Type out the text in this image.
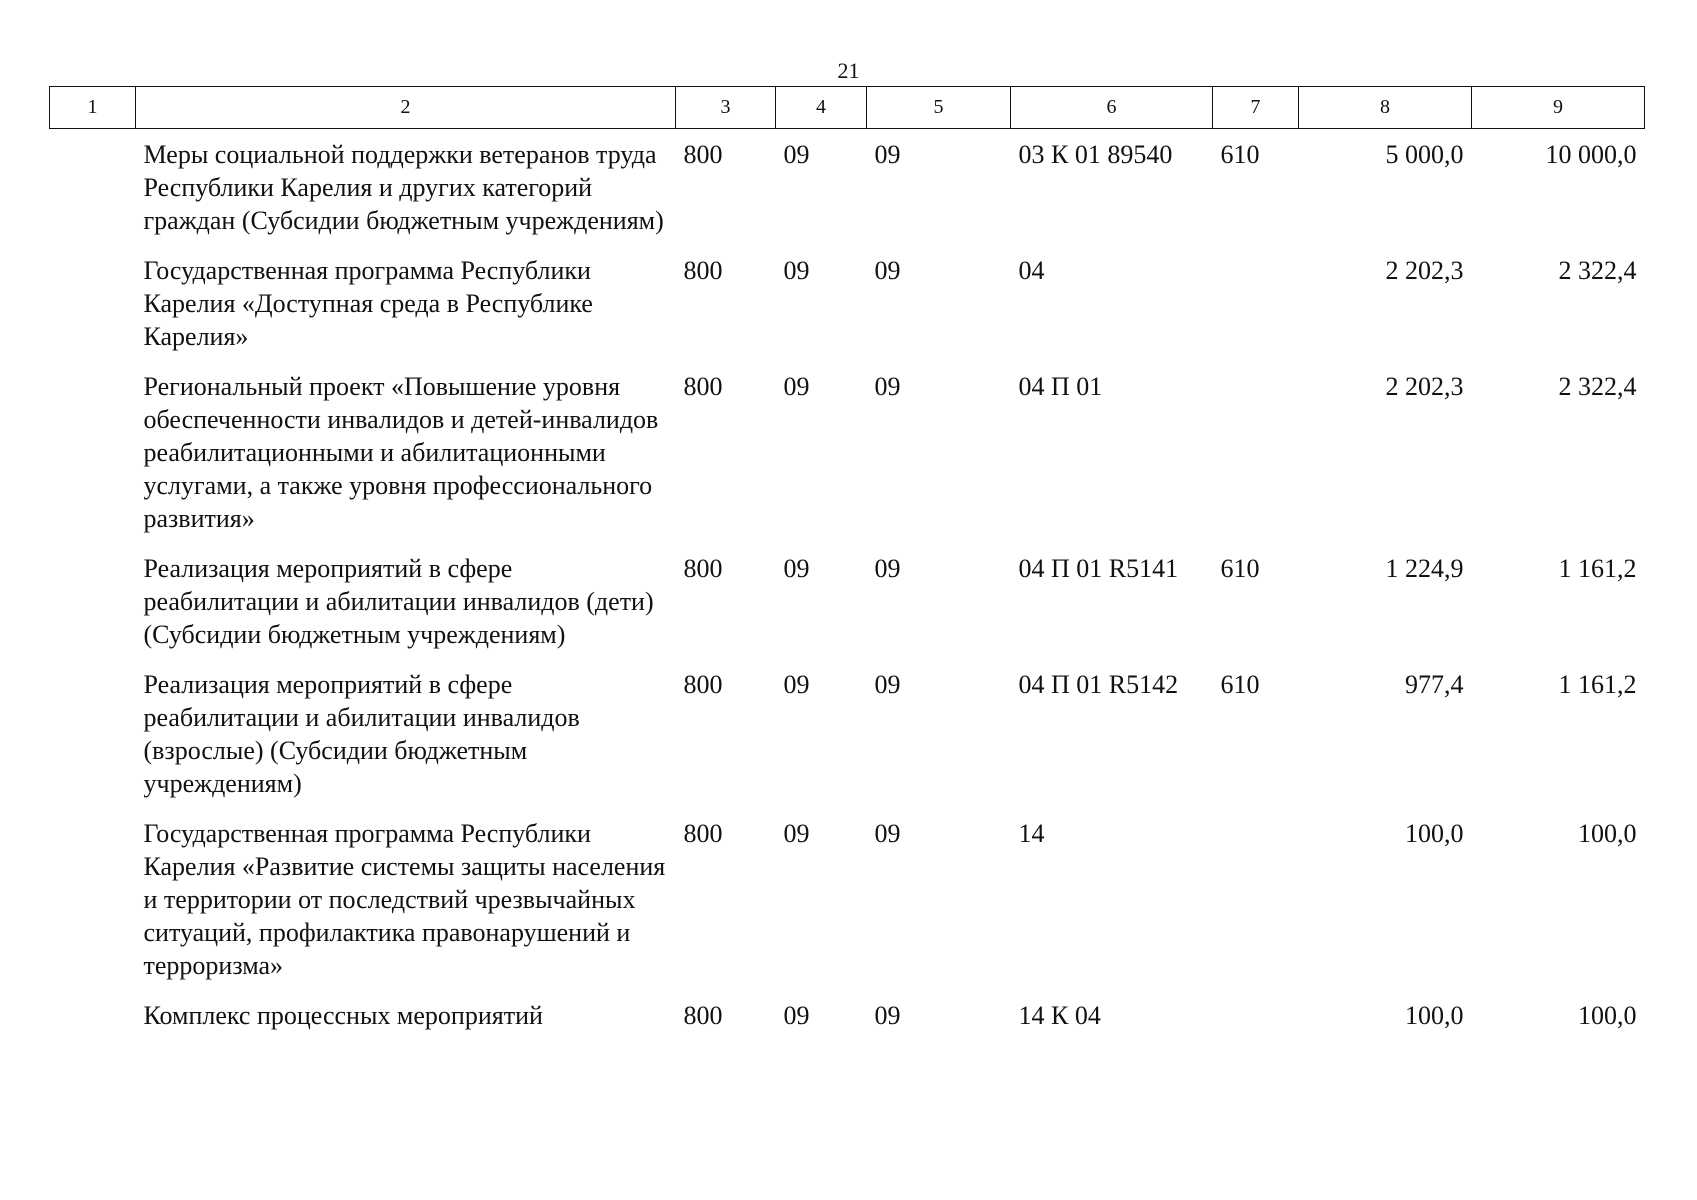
21
1	2	3	4	5	6	7	8	9
	Меры социальной поддержки ветеранов труда Республики Карелия и других категорий граждан (Субсидии бюджетным учреждениям)	800	09	09	03 К 01 89540	610	5 000,0	10 000,0
	Государственная программа Республики Карелия «Доступная среда в Республике Карелия»	800	09	09	04		2 202,3	2 322,4
	Региональный проект «Повышение уровня обеспеченности инвалидов и детей-инвалидов реабилитационными и абилитационными услугами, а также уровня профессионального развития»	800	09	09	04 П 01		2 202,3	2 322,4
	Реализация мероприятий в сфере реабилитации и абилитации инвалидов (дети) (Субсидии бюджетным учреждениям)	800	09	09	04 П 01 R5141	610	1 224,9	1 161,2
	Реализация мероприятий в сфере реабилитации и абилитации инвалидов (взрослые) (Субсидии бюджетным учреждениям)	800	09	09	04 П 01 R5142	610	977,4	1 161,2
	Государственная программа Республики Карелия «Развитие системы защиты населения и территории от последствий чрезвычайных ситуаций, профилактика правонарушений и терроризма»	800	09	09	14		100,0	100,0
	Комплекс процессных мероприятий	800	09	09	14 К 04		100,0	100,0
